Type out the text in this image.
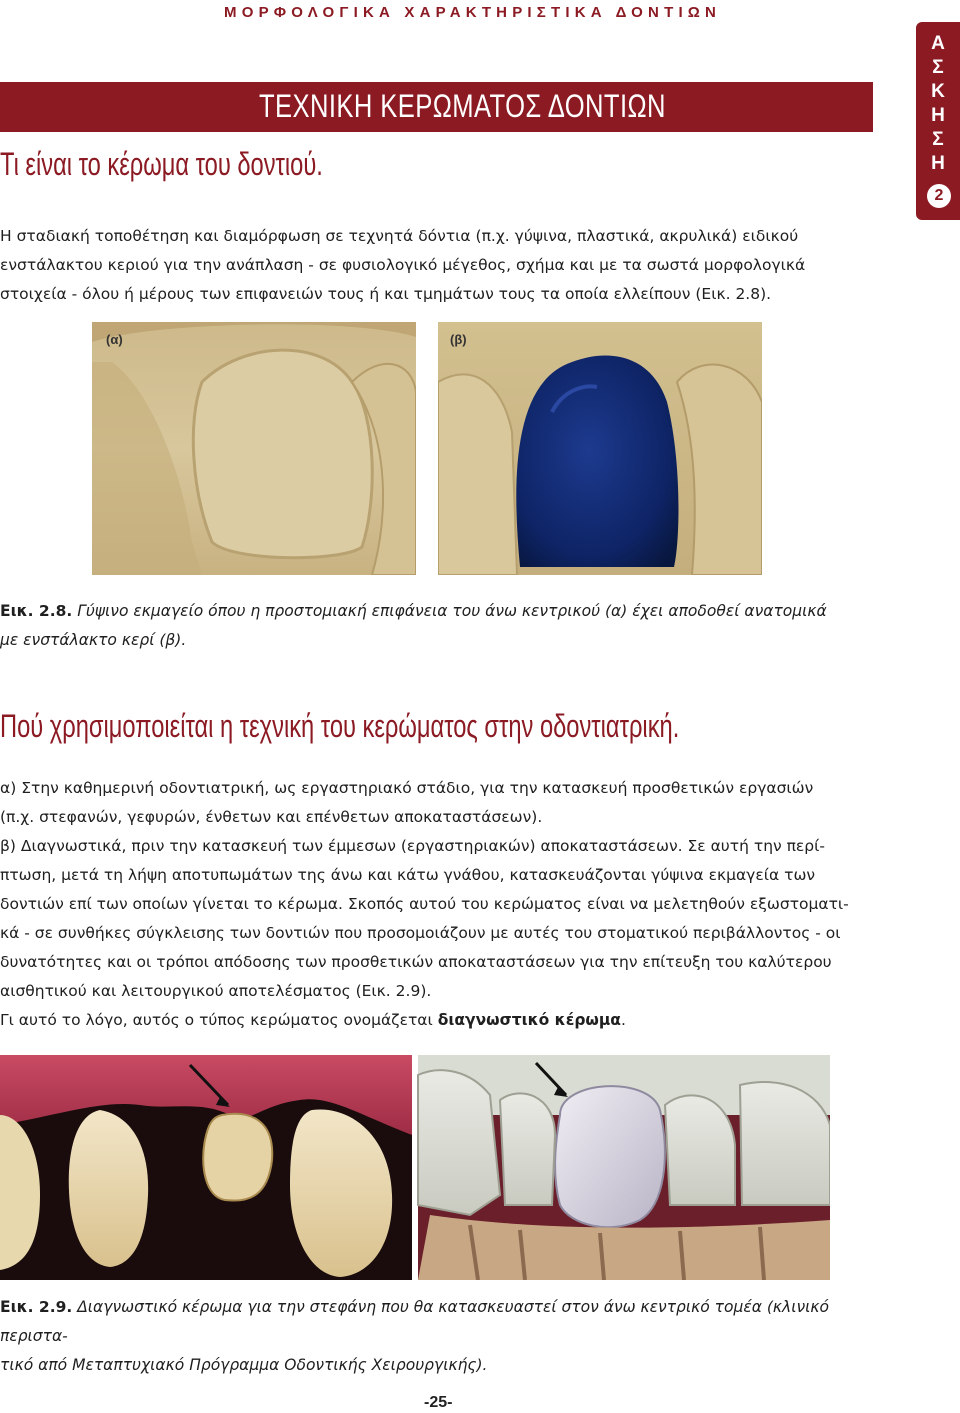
ΜΟΡΦΟΛΟΓΙΚΑ ΧΑΡΑΚΤΗΡΙΣΤΙΚΑ ΔΟΝΤΙΩΝ
ΤΕΧΝΙΚΗ ΚΕΡΩΜΑΤΟΣ ΔΟΝΤΙΩΝ
Α
Σ
Κ
Η
Σ
Η
2
Τι είναι το κέρωμα του δοντιού.
Η σταδιακή τοποθέτηση και διαμόρφωση σε τεχνητά δόντια (π.χ. γύψινα, πλαστικά, ακρυλικά) ειδικού
ενστάλακτου κεριού για την ανάπλαση - σε φυσιολογικό μέγεθος, σχήμα και με τα σωστά μορφολογικά
στοιχεία - όλου ή μέρους των επιφανειών τους ή και τμημάτων τους τα οποία ελλείπουν (Εικ. 2.8).
(α)	(β)
Εικ. 2.8. Γύψινο εκμαγείο όπου η προστομιακή επιφάνεια του άνω κεντρικού (α) έχει αποδοθεί ανατομικά
με ενστάλακτο κερί (β).
Πού χρησιμοποιείται η τεχνική του κερώματος στην οδοντιατρική.
α) Στην καθημερινή οδοντιατρική, ως εργαστηριακό στάδιο, για την κατασκευή προσθετικών εργασιών
(π.χ. στεφανών, γεφυρών, ένθετων και επένθετων αποκαταστάσεων).
β) Διαγνωστικά, πριν την κατασκευή των έμμεσων (εργαστηριακών) αποκαταστάσεων. Σε αυτή την περί-
πτωση, μετά τη λήψη αποτυπωμάτων της άνω και κάτω γνάθου, κατασκευάζονται γύψινα εκμαγεία των
δοντιών επί των οποίων γίνεται το κέρωμα. Σκοπός αυτού του κερώματος είναι να μελετηθούν εξωστοματι-
κά - σε συνθήκες σύγκλεισης των δοντιών που προσομοιάζουν με αυτές του στοματικού περιβάλλοντος - οι
δυνατότητες και οι τρόποι απόδοσης των προσθετικών αποκαταστάσεων για την επίτευξη του καλύτερου
αισθητικού και λειτουργικού αποτελέσματος (Εικ. 2.9).
Γι αυτό το λόγο, αυτός ο τύπος κερώματος ονομάζεται διαγνωστικό κέρωμα.
Εικ. 2.9. Διαγνωστικό κέρωμα για την στεφάνη που θα κατασκευαστεί στον άνω κεντρικό τομέα (κλινικό περιστα-
τικό από Μεταπτυχιακό Πρόγραμμα Οδοντικής Χειρουργικής).
-25-
